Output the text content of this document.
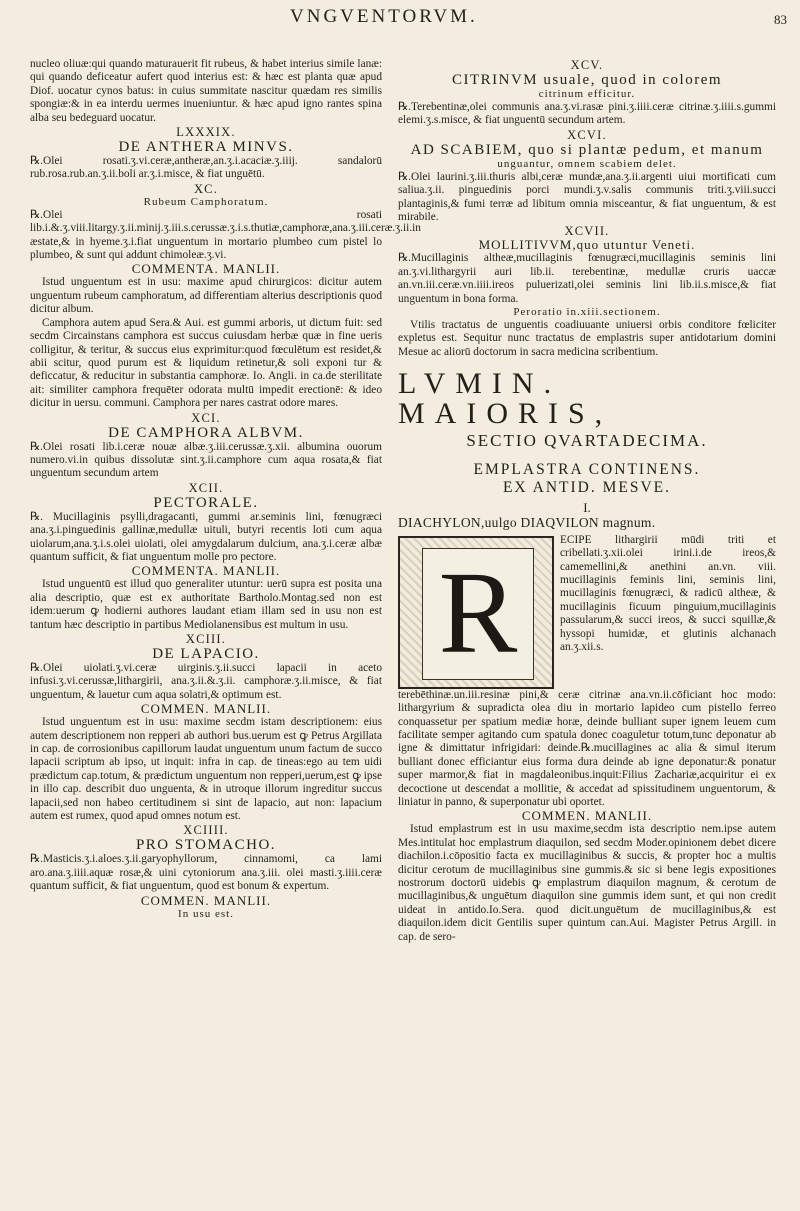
VNGVENTORVM.	83

nucleo oliuæ:qui quando maturauerit fit rubeus, & habet interius simile lanæ: qui quando deficeatur aufert quod interius est: & hæc est planta quæ apud Diof. uocatur cynos batus: in cuius summitate nascitur quædam res similis spongiæ:& in ea interdu uermes inueniuntur. & hæc apud igno rantes spina alba seu bedeguard uocatur.

LXXXIX.
DE ANTHERA MINVS.

℞.Olei rosati.ʒ.vi.ceræ,antheræ,an.ʒ.i.acaciæ.ʒ.iiij. sandalorū rub.rosa.rub.an.ʒ.ii.boli ar.ʒ.i.misce, & fiat unguētū.

XC.
Rubeum Camphoratum.

℞.Olei rosati lib.i.&.ʒ.viii.litargy.ʒ.ii.minij.ʒ.iii.s.cerussæ.ʒ.i.s.thutiæ,camphoræ,ana.ʒ.iii.ceræ.ʒ.ii.in æstate,& in hyeme.ʒ.i.fiat unguentum in mortario plumbeo cum pistel lo plumbeo, & sunt qui addunt chimoleæ.ʒ.vi.

COMMENTA. MANLII.

Istud unguentum est in usu: maxime apud chirurgicos: dicitur autem unguentum rubeum camphoratum, ad differentiam alterius descriptionis quod dicitur album.

Camphora autem apud Sera.& Aui. est gummi arboris, ut dictum fuit: sed secdm Circainstans camphora est succus cuiusdam herbæ quæ in fine ueris colligitur, & teritur, & succus eius exprimitur:quod fœculētum est residet,& abii scitur, quod purum est & liquidum retinetur,& soli exponi tur & deficcatur, & reducitur in substantia camphoræ. Io. Angli. in ca.de sterilitate ait: similiter camphora frequēter odorata multū impedit erectionē: & ideo dicitur in uersu. communi. Camphora per nares castrat odore mares.

XCI.
DE CAMPHORA ALBVM.

℞.Olei rosati lib.i.ceræ nouæ albæ.ʒ.iii.cerussæ.ʒ.xii. albumina ouorum numero.vi.in quibus dissolutæ sint.ʒ.ii.camphore cum aqua rosata,& fiat unguentum secundum artem

XCII.
PECTORALE.

℞. Mucillaginis psylli,dragacanti, gummi ar.seminis lini, fœnugræci ana.ʒ.i.pinguedinis gallinæ,medullæ uituli, butyri recentis loti cum aqua uiolarum,ana.ʒ.i.s.olei uiolati, olei amygdalarum dulcium, ana.ʒ.i.ceræ albæ quantum sufficit, & fiat unguentum molle pro pectore.

COMMENTA. MANLII.

Istud unguentū est illud quo generaliter utuntur: uerū supra est posita una alia descriptio, quæ est ex authoritate Bartholo.Montag.sed non est idem:uerum ꝙ hodierni authores laudant etiam illam sed in usu non est tantum hæc descriptio in partibus Mediolanensibus est multum in usu.

XCIII.
DE LAPACIO.

℞.Olei uiolati.ʒ.vi.ceræ uirginis.ʒ.ii.succi lapacii in aceto infusi.ʒ.vi.cerussæ,lithargirii, ana.ʒ.ii.&.ʒ.ii. camphoræ.ʒ.ii.misce, & fiat unguentum, & lauetur cum aqua solatri,& optimum est.

COMMEN. MANLII.

Istud unguentum est in usu: maxime secdm istam descriptionem: eius autem descriptionem non repperi ab authori bus.uerum est ꝙ Petrus Argillata in cap. de corrosionibus capillorum laudat unguentum unum factum de succo lapacii scriptum ab ipso, ut inquit: infra in cap. de tineas:ego au tem uidi prædictum cap.totum, & prædictum unguentum non repperi,uerum,est ꝙ ipse in illo cap. describit duo unguenta, & in utroque illorum ingreditur succus lapacii,sed non habeo certitudinem si sint de lapacio, aut non: lapacium autem est rumex, quod apud omnes notum est.

XCIIII.
PRO STOMACHO.

℞.Masticis.ʒ.i.aloes.ʒ.ii.garyophyllorum, cinnamomi, ca lami aro.ana.ʒ.iiii.aquæ rosæ,& uini cytoniorum ana.ʒ.iii. olei masti.ʒ.iiii.ceræ quantum sufficit, & fiat unguentum, quod est bonum & expertum.

COMMEN. MANLII.
In usu est.
XCV.
CITRINVM usuale, quod in colorem
citrinum efficitur.

℞.Terebentinæ,olei communis ana.ʒ.vi.rasæ pini.ʒ.iiii.ceræ citrinæ.ʒ.iiii.s.gummi elemi.ʒ.s.misce, & fiat unguentū secundum artem.

XCVI.
AD SCABIEM, quo si plantæ pedum, et manum
unguantur, omnem scabiem delet.

℞.Olei laurini.ʒ.iii.thuris albi,ceræ mundæ,ana.ʒ.ii.argenti uiui mortificati cum saliua.ʒ.ii. pinguedinis porci mundi.ʒ.v.salis communis triti.ʒ.viii.succi plantaginis,& fumi terræ ad libitum omnia misceantur, & fiat unguentum, & est mirabile.

XCVII.
MOLLITIVVM,quo utuntur Veneti.

℞.Mucillaginis altheæ,mucillaginis fœnugræci,mucillaginis seminis lini an.ʒ.vi.lithargyrii auri lib.ii. terebentinæ, medullæ cruris uaccæ an.vn.iii.ceræ.vn.iiii.ireos puluerizati,olei seminis lini lib.ii.s.misce,& fiat unguentum in bona forma.

Peroratio in.xiii.sectionem.

Vtilis tractatus de unguentis coadiuuante uniuersi orbis conditore fœliciter expletus est. Sequitur nunc tractatus de emplastris super antidotarium domini Mesue ac aliorū doctorum in sacra medicina scribentium.

LVMIN. MAIORIS,
SECTIO QVARTADECIMA.
EMPLASTRA CONTINENS.
EX ANTID. MESVE.
I.
DIACHYLON,uulgo DIAQVILON magnum.
R

ECIPE lithargirii mūdi triti et cribellati.ʒ.xii.olei irini.i.de ireos,& camemellini,& anethini an.vn. viii. mucillaginis feminis lini, seminis lini, mucillaginis fœnugræci, & radicū altheæ, & mucillaginis ficuum pinguium,mucillaginis passularum,& succi ireos, & succi squillæ,& hyssopi humidæ, et glutinis alchanach an.ʒ.xii.s.

terebēthinæ.un.iii.resinæ pini,& ceræ citrinæ ana.vn.ii.cōficiant hoc modo: lithargyrium & supradicta olea diu in mortario lapideo cum pistello ferreo conquassetur per spatium mediæ horæ, deinde bulliant super ignem leuem cum facilitate semper agitando cum spatula donec coaguletur totum,tunc deponatur ab igne & dimittatur infrigidari: deinde.℞.mucillagines ac alia & simul iterum bulliant donec efficiantur eius forma dura deinde ab igne deponatur:& ponatur super marmor,& fiat in magdaleonibus.inquit:Filius Zachariæ,acquiritur ei ex decoctione ut descendat a mollitie, & accedat ad spissitudinem unguentorum, & liniatur in panno, & superponatur ubi oportet.

COMMEN. MANLII.

Istud emplastrum est in usu maxime,secdm ista descriptio nem.ipse autem Mes.intitulat hoc emplastrum diaquilon, sed secdm Moder.opinionem debet dicere diachilon.i.cōpositio facta ex mucillaginibus & succis, & propter hoc a multis dicitur cerotum de mucillaginibus sine gummis.& sic si bene legis expositiones nostrorum doctorū uidebis ꝙ emplastrum diaquilon magnum, & cerotum de mucillaginibus,& unguētum diaquilon sine gummis idem sunt, et qui non credit uideat in antido.Io.Sera. quod dicit.unguētum de mucillaginibus,& est diaquilon.idem dicit Gentilis super quintum can.Aui. Magister Petrus Argill. in cap. de sero-
